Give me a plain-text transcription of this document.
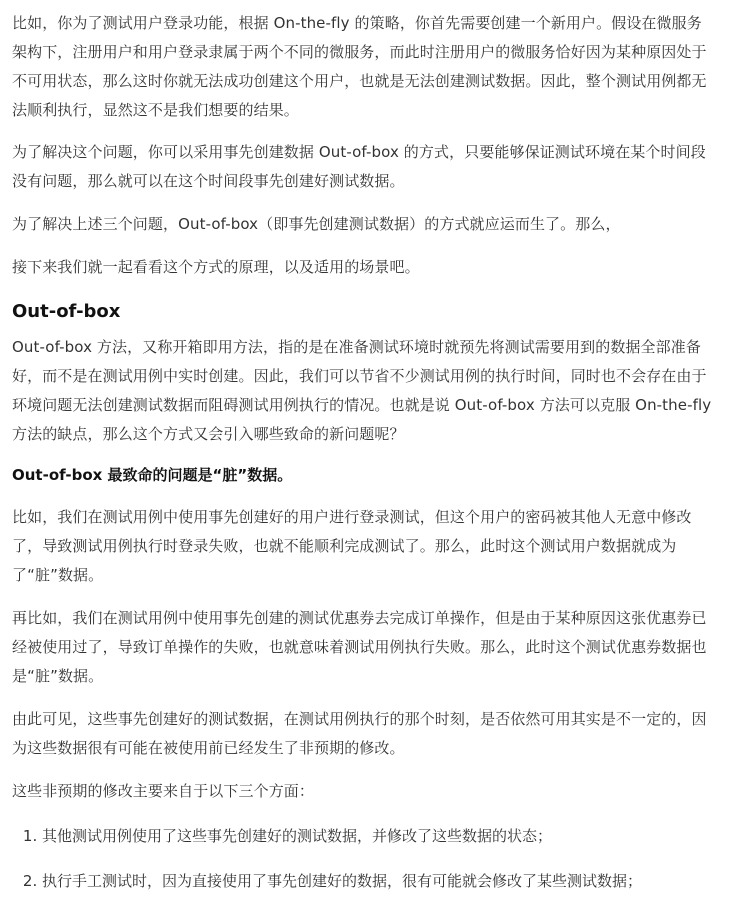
比如，你为了测试用户登录功能，根据 On-the-fly 的策略，你首先需要创建一个新用户。假设在微服务架构下，注册用户和用户登录隶属于两个不同的微服务，而此时注册用户的微服务恰好因为某种原因处于不可用状态，那么这时你就无法成功创建这个用户，也就是无法创建测试数据。因此，整个测试用例都无法顺利执行，显然这不是我们想要的结果。

为了解决这个问题，你可以采用事先创建数据 Out-of-box 的方式，只要能够保证测试环境在某个时间段没有问题，那么就可以在这个时间段事先创建好测试数据。

为了解决上述三个问题，Out-of-box（即事先创建测试数据）的方式就应运而生了。那么，

接下来我们就一起看看这个方式的原理，以及适用的场景吧。

Out-of-box

Out-of-box 方法，又称开箱即用方法，指的是在准备测试环境时就预先将测试需要用到的数据全部准备好，而不是在测试用例中实时创建。因此，我们可以节省不少测试用例的执行时间，同时也不会存在由于环境问题无法创建测试数据而阻碍测试用例执行的情况。也就是说 Out-of-box 方法可以克服 On-the-fly 方法的缺点，那么这个方式又会引入哪些致命的新问题呢？

Out-of-box 最致命的问题是“脏”数据。

比如，我们在测试用例中使用事先创建好的用户进行登录测试，但这个用户的密码被其他人无意中修改了，导致测试用例执行时登录失败，也就不能顺利完成测试了。那么，此时这个测试用户数据就成为了“脏”数据。

再比如，我们在测试用例中使用事先创建的测试优惠券去完成订单操作，但是由于某种原因这张优惠券已经被使用过了，导致订单操作的失败，也就意味着测试用例执行失败。那么，此时这个测试优惠券数据也是“脏”数据。

由此可见，这些事先创建好的测试数据，在测试用例执行的那个时刻，是否依然可用其实是不一定的，因为这些数据很有可能在被使用前已经发生了非预期的修改。

这些非预期的修改主要来自于以下三个方面：

1. 其他测试用例使用了这些事先创建好的测试数据，并修改了这些数据的状态；
2. 执行手工测试时，因为直接使用了事先创建好的数据，很有可能就会修改了某些测试数据；
